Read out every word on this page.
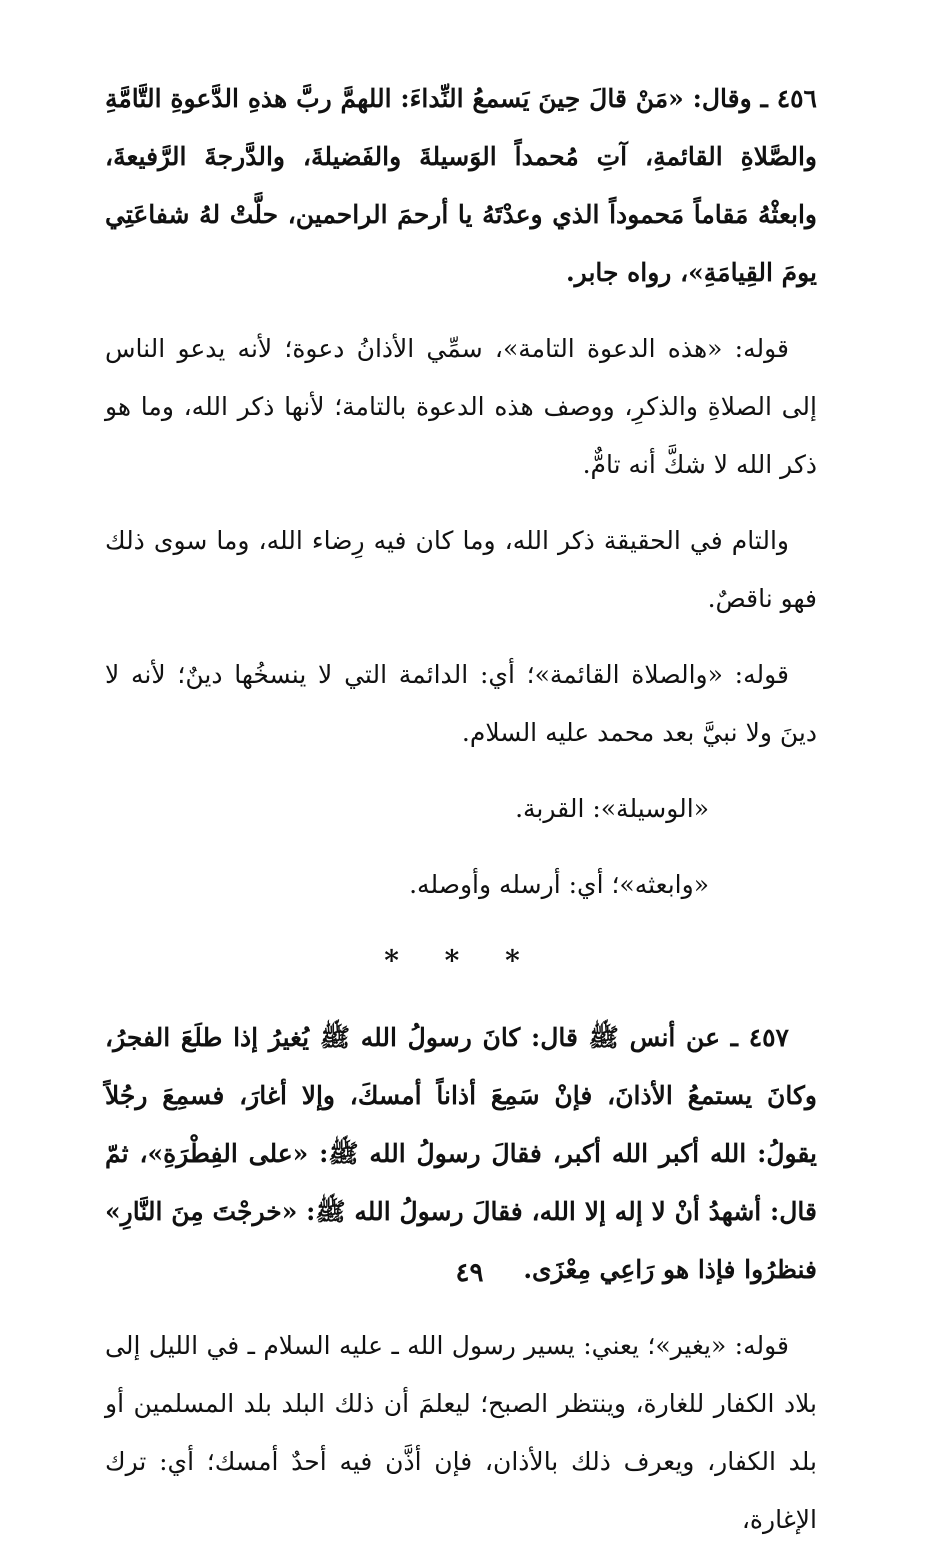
٤٥٦ ـ وقال: «مَنْ قالَ حِينَ يَسمعُ النِّداءَ: اللهمَّ ربَّ هذهِ الدَّعوةِ التَّامَّةِ والصَّلاةِ القائمةِ، آتِ مُحمداً الوَسيلةَ والفَضيلةَ، والدَّرجةَ الرَّفيعةَ، وابعثْهُ مَقاماً مَحموداً الذي وعدْتَهُ يا أرحمَ الراحمين، حلَّتْ لهُ شفاعَتِي يومَ القِيامَةِ»، رواه جابر.

قوله: «هذه الدعوة التامة»، سمِّي الأذانُ دعوة؛ لأنه يدعو الناس إلى الصلاةِ والذكرِ، ووصف هذه الدعوة بالتامة؛ لأنها ذكر الله، وما هو ذكر الله لا شكَّ أنه تامٌّ.

والتام في الحقيقة ذكر الله، وما كان فيه رِضاء الله، وما سوى ذلك فهو ناقصٌ.

قوله: «والصلاة القائمة»؛ أي: الدائمة التي لا ينسخُها دينٌ؛ لأنه لا دينَ ولا نبيَّ بعد محمد عليه السلام.

«الوسيلة»: القربة.

«وابعثه»؛ أي: أرسله وأوصله.

* * *

٤٥٧ ـ عن أنس ﷺ قال: كانَ رسولُ الله ﷺ يُغيرُ إذا طلَعَ الفجرُ، وكانَ يستمعُ الأذانَ، فإنْ سَمِعَ أذاناً أمسكَ، وإلا أغارَ، فسمِعَ رجُلاً يقولُ: الله أكبر الله أكبر، فقالَ رسولُ الله ﷺ: «على الفِطْرَةِ»، ثمّ قال: أشهدُ أنْ لا إله إلا الله، فقالَ رسولُ الله ﷺ: «خرجْتَ مِنَ النَّارِ» فنظرُوا فإذا هو رَاعِي مِعْزَى.

قوله: «يغير»؛ يعني: يسير رسول الله ـ عليه السلام ـ في الليل إلى بلاد الكفار للغارة، وينتظر الصبح؛ ليعلمَ أن ذلك البلد بلد المسلمين أو بلد الكفار، ويعرف ذلك بالأذان، فإن أذَّن فيه أحدٌ أمسك؛ أي: ترك الإغارة،

٤٩
